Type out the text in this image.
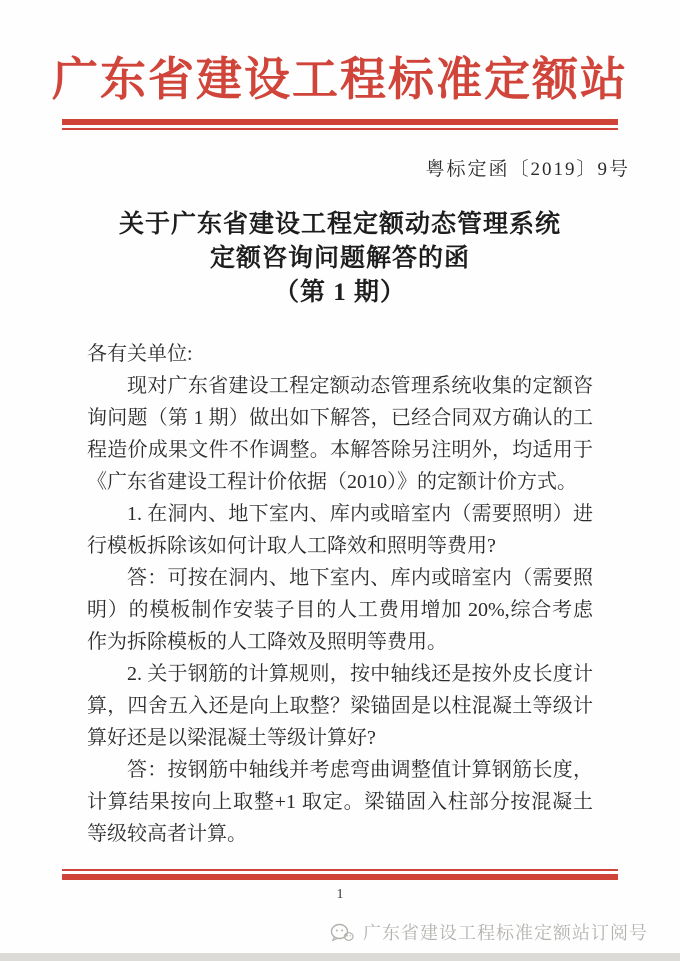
广东省建设工程标准定额站
粤标定函〔2019〕9号
关于广东省建设工程定额动态管理系统
定额咨询问题解答的函
（第 1 期）

各有关单位:

现对广东省建设工程定额动态管理系统收集的定额咨询问题（第 1 期）做出如下解答，已经合同双方确认的工程造价成果文件不作调整。本解答除另注明外，均适用于《广东省建设工程计价依据（2010）》的定额计价方式。

1. 在洞内、地下室内、库内或暗室内（需要照明）进行模板拆除该如何计取人工降效和照明等费用?

答：可按在洞内、地下室内、库内或暗室内（需要照明）的模板制作安装子目的人工费用增加 20%,综合考虑作为拆除模板的人工降效及照明等费用。

2. 关于钢筋的计算规则，按中轴线还是按外皮长度计算，四舍五入还是向上取整？梁锚固是以柱混凝土等级计算好还是以梁混凝土等级计算好?

答：按钢筋中轴线并考虑弯曲调整值计算钢筋长度，计算结果按向上取整+1 取定。梁锚固入柱部分按混凝土等级较高者计算。

1
广东省建设工程标准定额站订阅号
